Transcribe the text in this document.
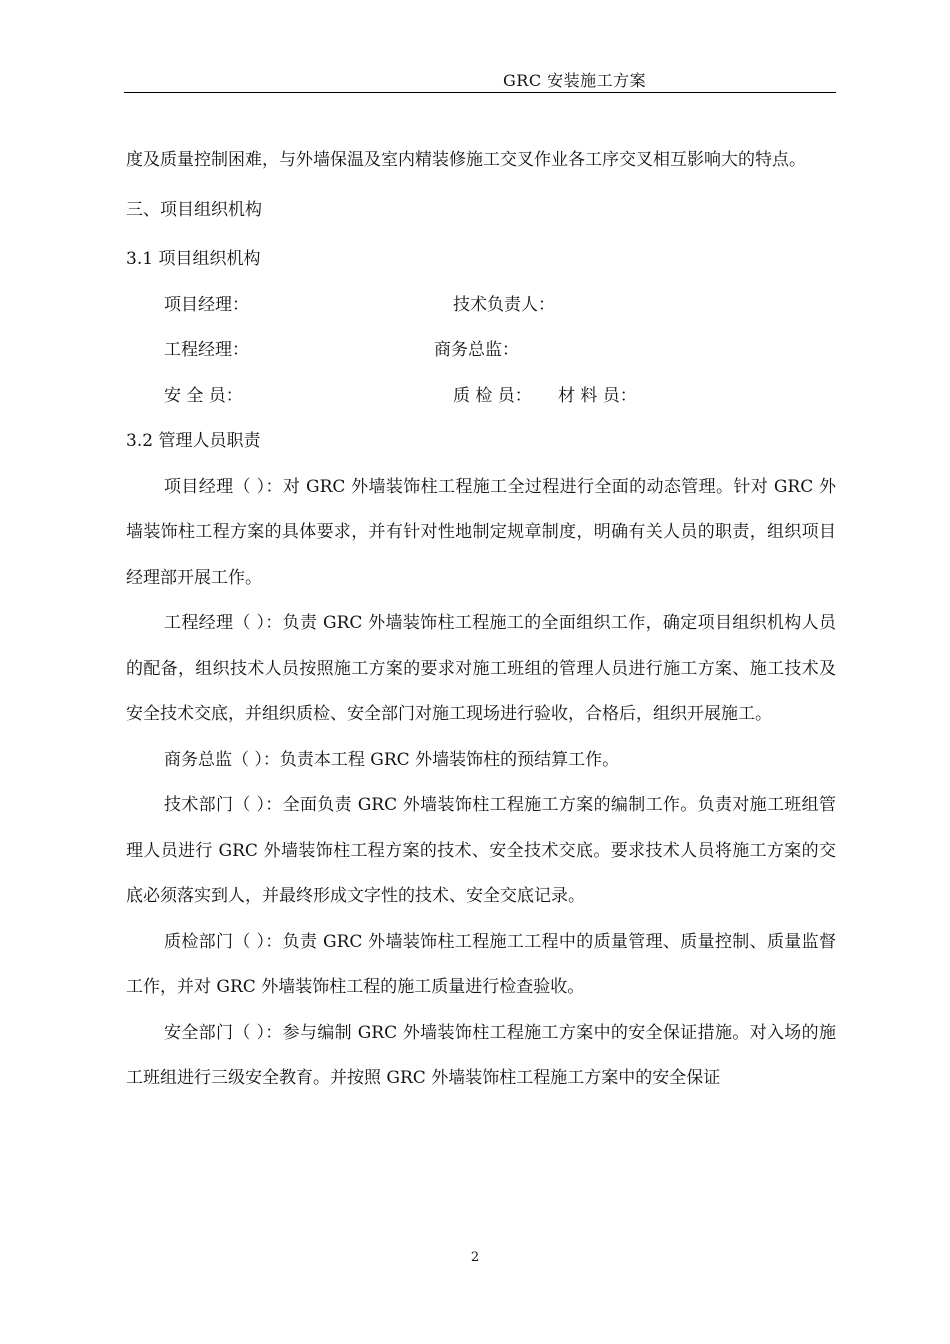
GRC 安装施工方案

度及质量控制困难，与外墙保温及室内精装修施工交叉作业各工序交叉相互影响大的特点。

三、项目组织机构

3.1 项目组织机构

项目经理：	技术负责人：
工程经理：	商务总监：
安 全 员：	质 检 员： 材 料 员：

3.2 管理人员职责

项目经理（ ）：对 GRC 外墙装饰柱工程施工全过程进行全面的动态管理。针对 GRC 外墙装饰柱工程方案的具体要求，并有针对性地制定规章制度，明确有关人员的职责，组织项目经理部开展工作。

工程经理（ ）：负责 GRC 外墙装饰柱工程施工的全面组织工作，确定项目组织机构人员的配备，组织技术人员按照施工方案的要求对施工班组的管理人员进行施工方案、施工技术及安全技术交底，并组织质检、安全部门对施工现场进行验收，合格后，组织开展施工。

商务总监（ ）：负责本工程 GRC 外墙装饰柱的预结算工作。

技术部门（ ）：全面负责 GRC 外墙装饰柱工程施工方案的编制工作。负责对施工班组管理人员进行 GRC 外墙装饰柱工程方案的技术、安全技术交底。要求技术人员将施工方案的交底必须落实到人，并最终形成文字性的技术、安全交底记录。

质检部门（ ）：负责 GRC 外墙装饰柱工程施工工程中的质量管理、质量控制、质量监督工作，并对 GRC 外墙装饰柱工程的施工质量进行检查验收。

安全部门（ ）：参与编制 GRC 外墙装饰柱工程施工方案中的安全保证措施。对入场的施工班组进行三级安全教育。并按照 GRC 外墙装饰柱工程施工方案中的安全保证

2
